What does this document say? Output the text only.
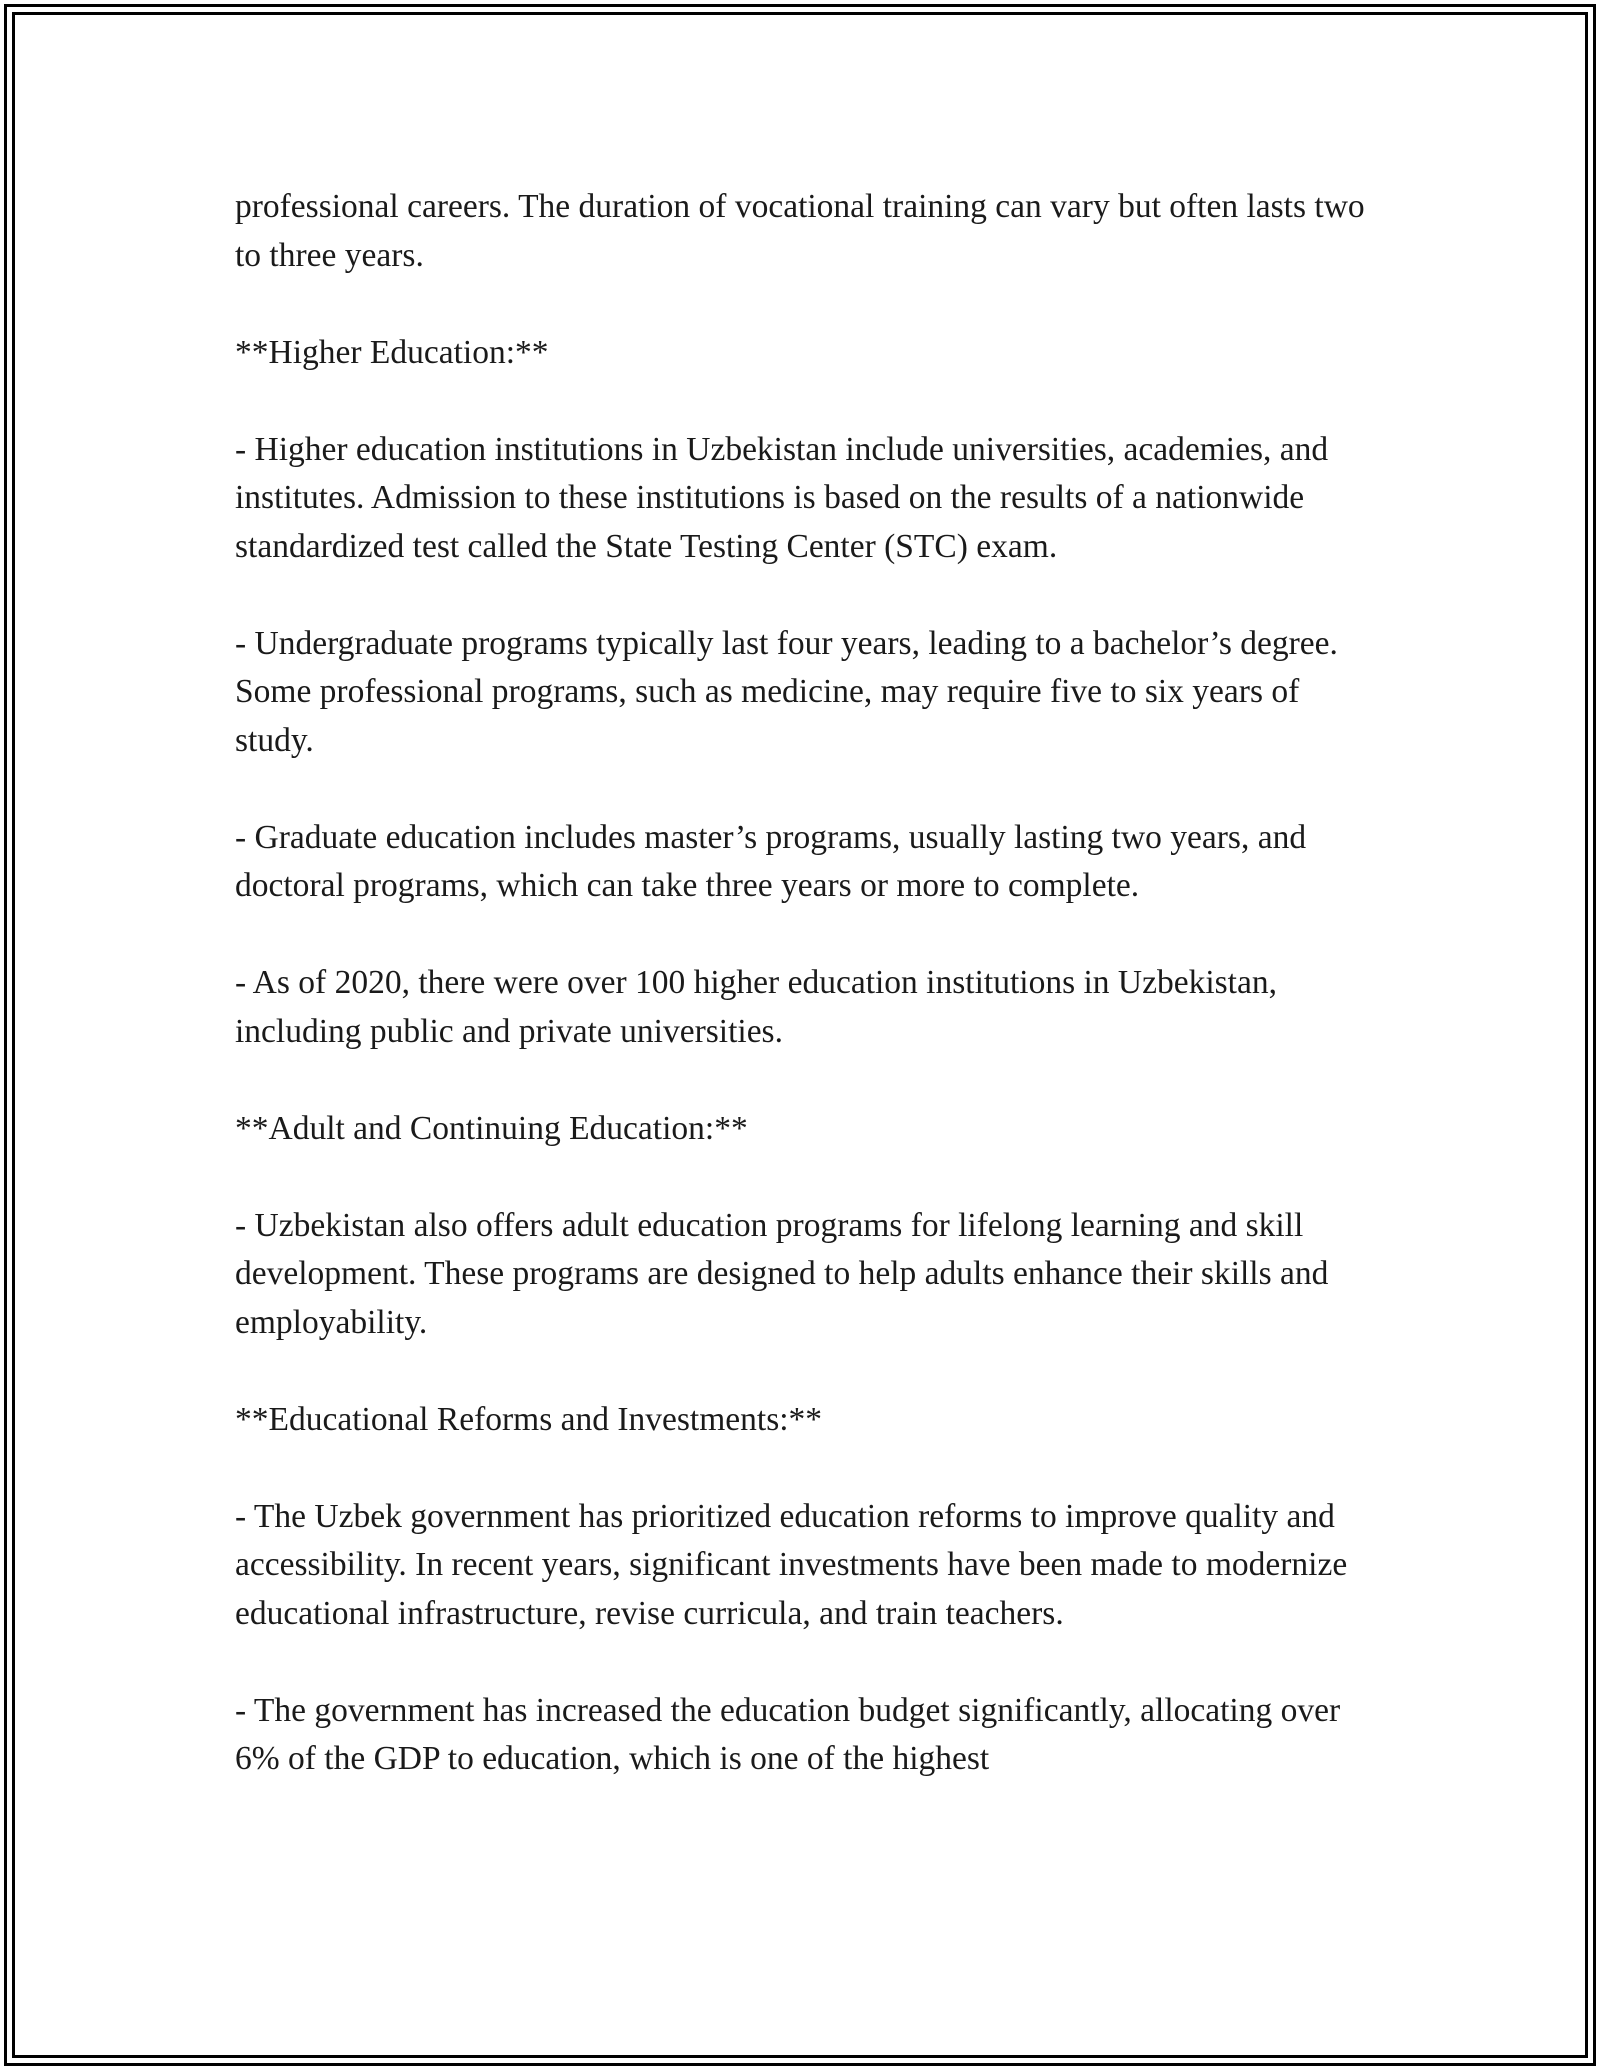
professional careers. The duration of vocational training can vary but often lasts two to three years.

**Higher Education:**

- Higher education institutions in Uzbekistan include universities, academies, and institutes. Admission to these institutions is based on the results of a nationwide standardized test called the State Testing Center (STC) exam.

- Undergraduate programs typically last four years, leading to a bachelor’s degree. Some professional programs, such as medicine, may require five to six years of study.

- Graduate education includes master’s programs, usually lasting two years, and doctoral programs, which can take three years or more to complete.

- As of 2020, there were over 100 higher education institutions in Uzbekistan, including public and private universities.

**Adult and Continuing Education:**

- Uzbekistan also offers adult education programs for lifelong learning and skill development. These programs are designed to help adults enhance their skills and employability.

**Educational Reforms and Investments:**

- The Uzbek government has prioritized education reforms to improve quality and accessibility. In recent years, significant investments have been made to modernize educational infrastructure, revise curricula, and train teachers.

- The government has increased the education budget significantly, allocating over 6% of the GDP to education, which is one of the highest
